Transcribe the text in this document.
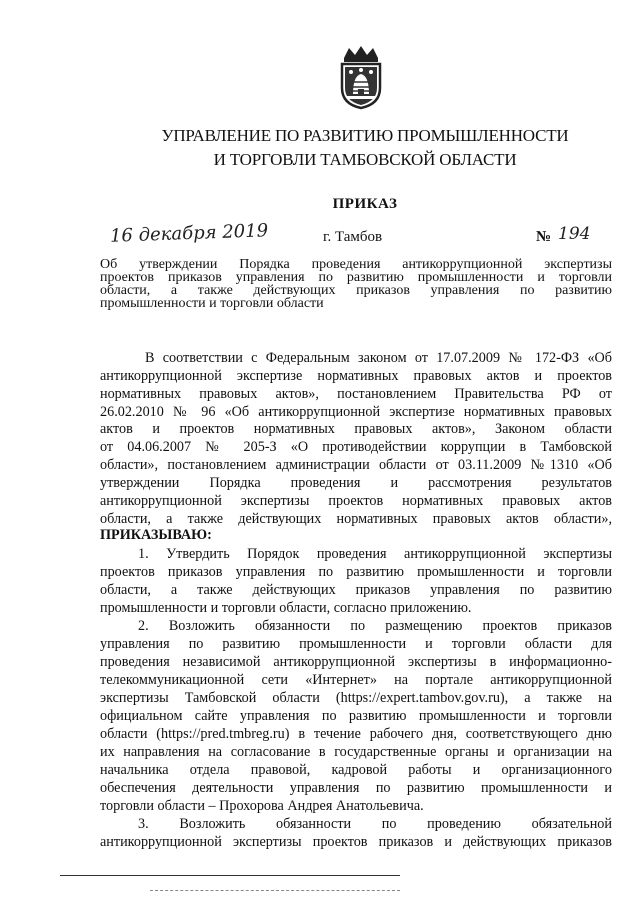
УПРАВЛЕНИЕ ПО РАЗВИТИЮ ПРОМЫШЛЕННОСТИ
И ТОРГОВЛИ ТАМБОВСКОЙ ОБЛАСТИ
ПРИКАЗ
16 декабря 2019	г. Тамбов	№ 194
Об утверждении Порядка проведения антикоррупционной экспертизы
проектов приказов управления по развитию промышленности и торговли
области, а также действующих приказов управления по развитию
промышленности и торговли области
В соответствии с Федеральным законом от 17.07.2009 № 172-ФЗ «Об
антикоррупционной экспертизе нормативных правовых актов и проектов
нормативных правовых актов», постановлением Правительства РФ от
26.02.2010 № 96 «Об антикоррупционной экспертизе нормативных правовых
актов и проектов нормативных правовых актов», Законом области
от 04.06.2007 № 205-З «О противодействии коррупции в Тамбовской
области», постановлением администрации области от 03.11.2009 №1310 «Об
утверждении Порядка проведения и рассмотрения результатов
антикоррупционной экспертизы проектов нормативных правовых актов
области, а также действующих нормативных правовых актов области»,
ПРИКАЗЫВАЮ:
1. Утвердить Порядок проведения антикоррупционной экспертизы
проектов приказов управления по развитию промышленности и торговли
области, а также действующих приказов управления по развитию
промышленности и торговли области, согласно приложению.
2. Возложить обязанности по размещению проектов приказов
управления по развитию промышленности и торговли области для
проведения независимой антикоррупционной экспертизы в информационно-
телекоммуникационной сети «Интернет» на портале антикоррупционной
экспертизы Тамбовской области (https://expert.tambov.gov.ru), а также на
официальном сайте управления по развитию промышленности и торговли
области (https://pred.tmbreg.ru) в течение рабочего дня, соответствующего дню
их направления на согласование в государственные органы и организации на
начальника отдела правовой, кадровой работы и организационного
обеспечения деятельности управления по развитию промышленности и
торговли области – Прохорова Андрея Анатольевича.
3. Возложить обязанности по проведению обязательной
антикоррупционной экспертизы проектов приказов и действующих приказов
